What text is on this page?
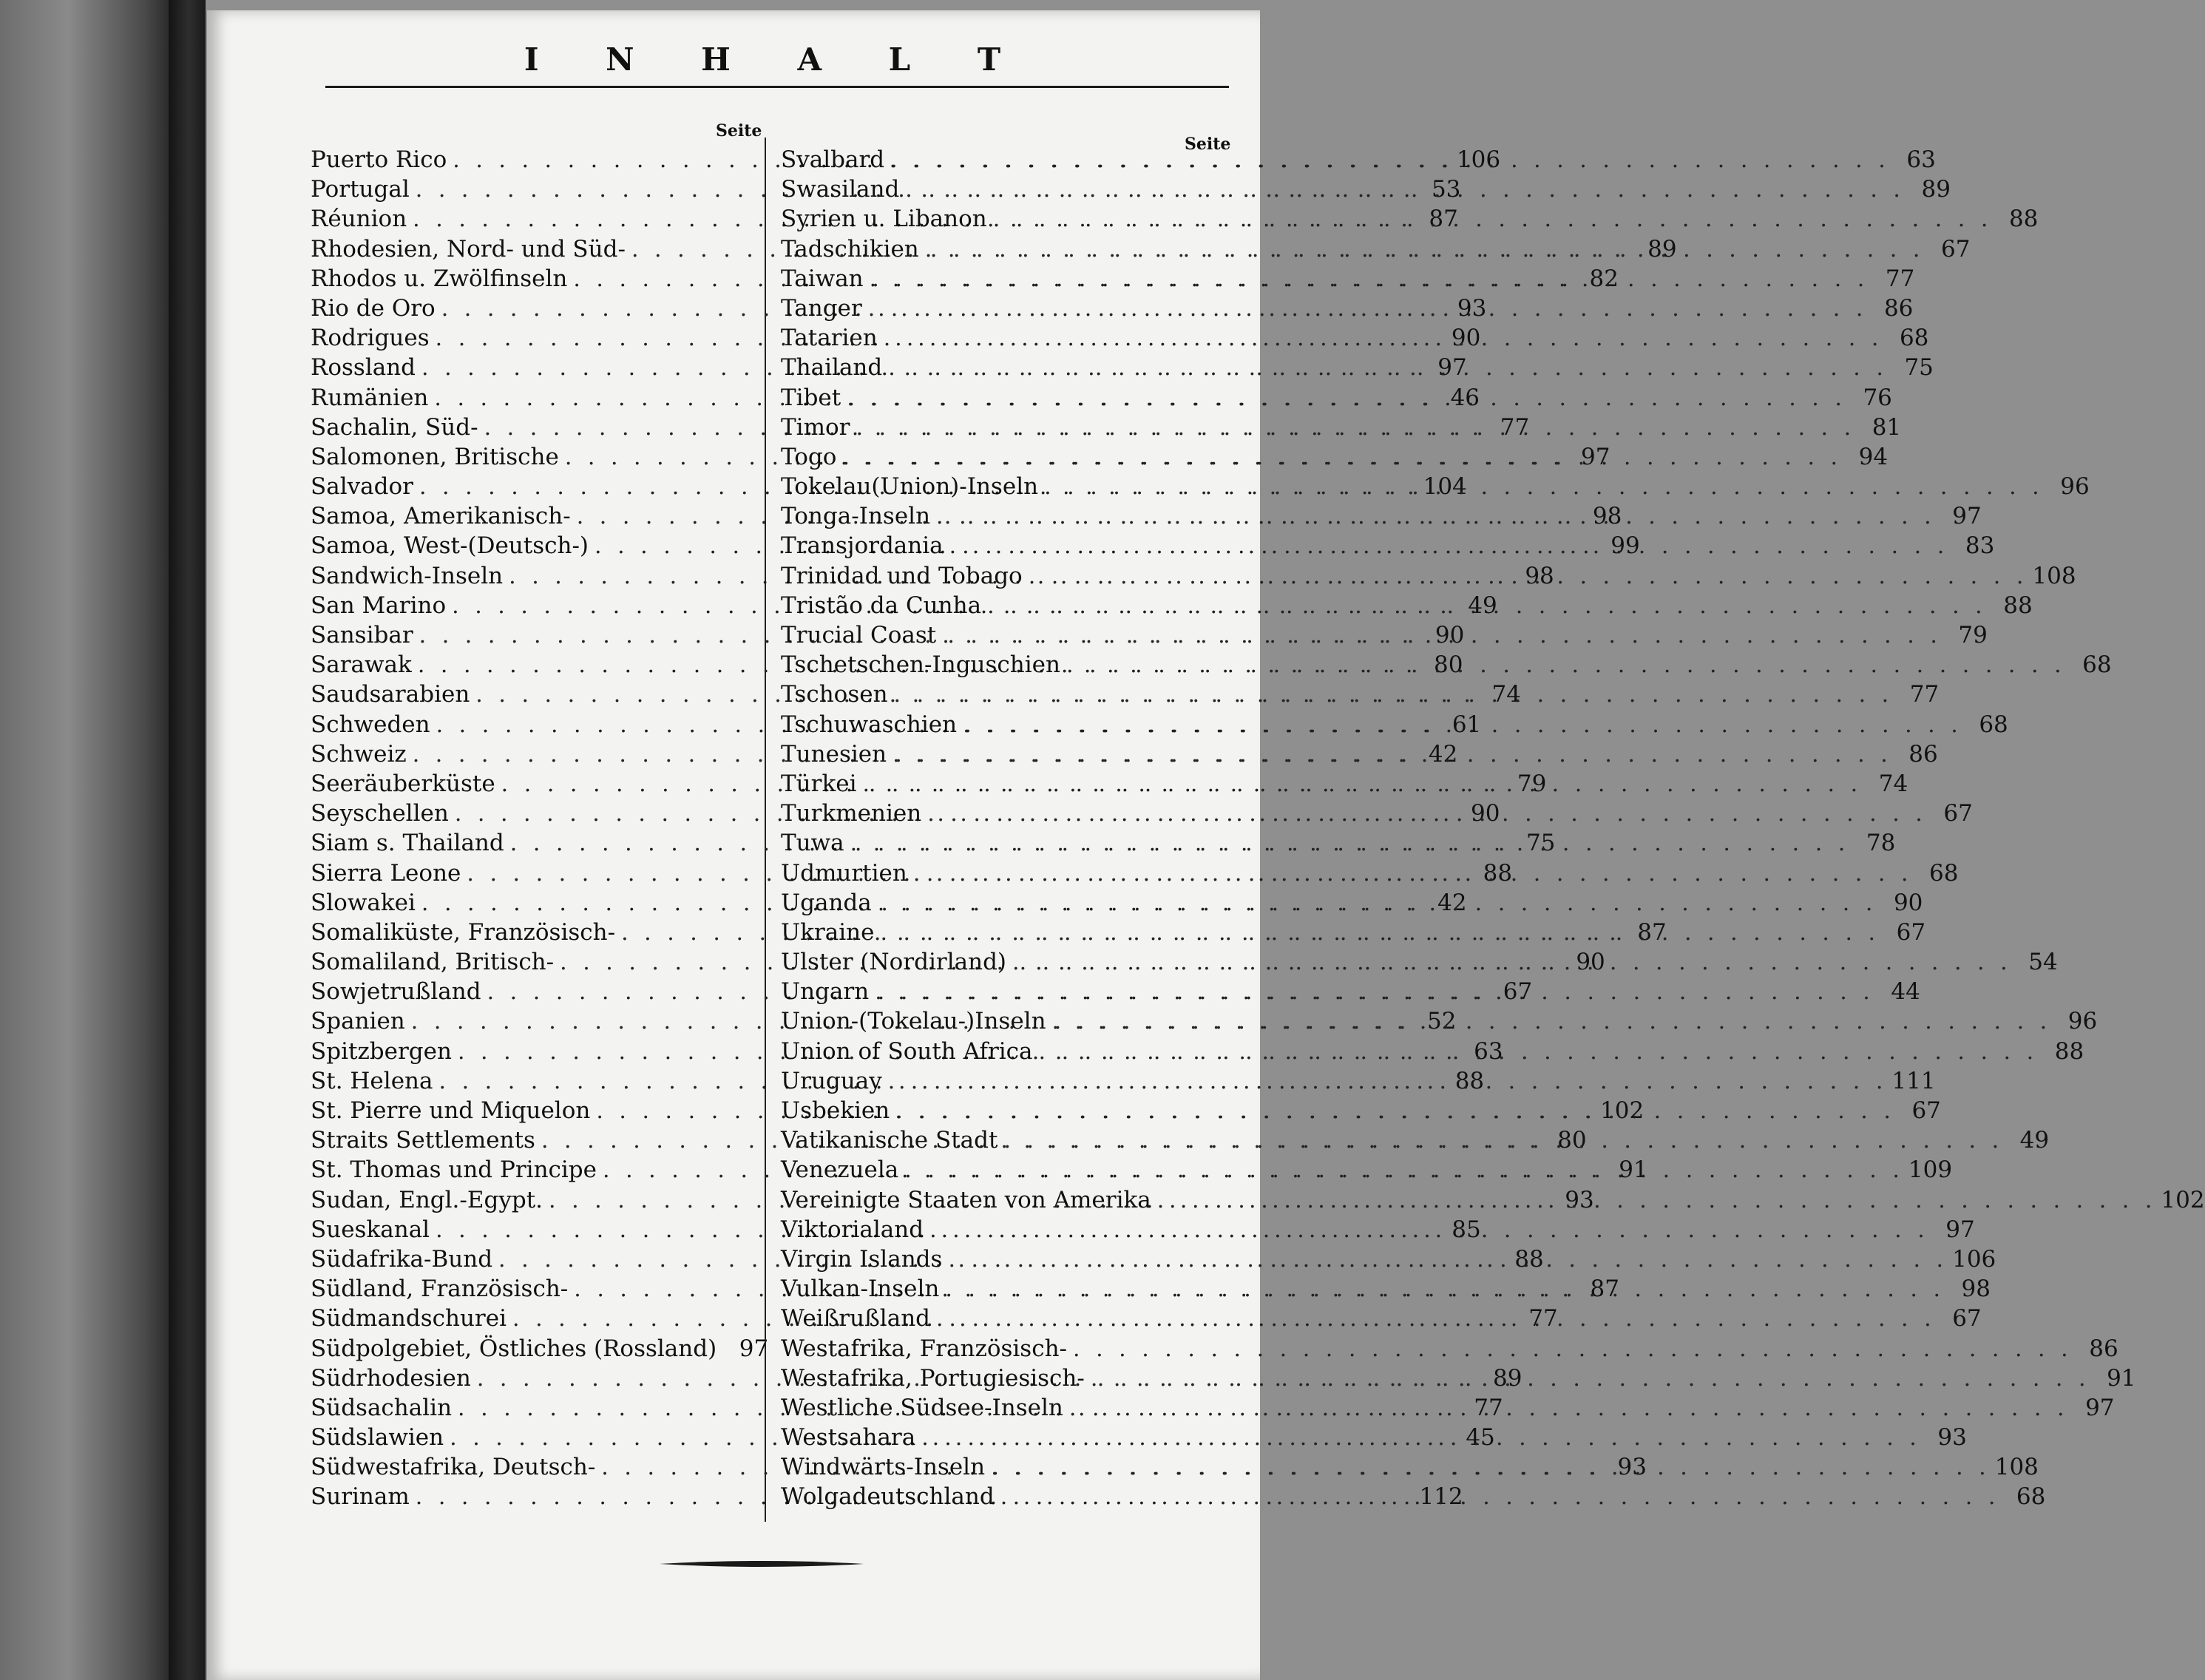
I N H A L T
Seite
Seite
Puerto Rico . . .	106
Portugal . . .	53
Réunion . . .	87
Rhodesien, Nord- und Süd- . . .	89
Rhodos u. Zwölfinseln . . .	82
Rio de Oro . . .	93
Rodrigues . . .	90
Rossland . . .	97
Rumänien . . .	46
Sachalin, Süd- . . .	77
Salomonen, Britische . . .	97
Salvador . . .	104
Samoa, Amerikanisch- . . .	98
Samoa, West-(Deutsch-) . . .	99
Sandwich-Inseln . . .	98
San Marino . . .	49
Sansibar . . .	90
Sarawak . . .	80
Saudsarabien . . .	74
Schweden . . .	61
Schweiz . . .	42
Seeräuberküste . . .	79
Seyschellen . . .	90
Siam s. Thailand . . .	75
Sierra Leone . . .	88
Slowakei . . .	42
Somaliküste, Französisch- . . .	87
Somaliland, Britisch- . . .	90
Sowjetrußland . . .	67
Spanien . . .	52
Spitzbergen . . .	63
St. Helena . . .	88
St. Pierre und Miquelon . . .	102
Straits Settlements . . .	80
St. Thomas und Principe . . .	91
Sudan, Engl.-Egypt. . . .	93
Sueskanal . . .	85
Südafrika-Bund . . .	88
Südland, Französisch- . . .	87
Südmandschurei . . .	77
Südpolgebiet, Östliches (Rossland) 97
Südrhodesien . . .	89
Südsachalin . . .	77
Südslawien . . .	45
Südwestafrika, Deutsch- . . .	93
Surinam . . .	112
Svalbard . . .	63
Swasiland . . .	89
Syrien u. Libanon . . .	88
Tadschikien . . .	67
Taiwan . . .	77
Tanger . . .	86
Tatarien . . .	68
Thailand . . .	75
Tibet . . .	76
Timor . . .	81
Togo . . .	94
Tokelau(Union)-Inseln . . .	96
Tonga-Inseln . . .	97
Transjordania . . .	83
Trinidad und Tobago . . .	108
Tristão da Cunha . . .	88
Trucial Coast . . .	79
Tschetschen-Inguschien . . .	68
Tschosen . . .	77
Tschuwaschien . . .	68
Tunesien . . .	86
Türkei . . .	74
Turkmenien . . .	67
Tuwa . . .	78
Udmurtien . . .	68
Uganda . . .	90
Ukraine . . .	67
Ulster (Nordirland) . . .	54
Ungarn . . .	44
Union-(Tokelau-)Inseln . . .	96
Union of South Africa . . .	88
Uruguay . . .	111
Usbekien . . .	67
Vatikanische Stadt . . .	49
Venezuela . . .	109
Vereinigte Staaten von Amerika . . .	102
Viktorialand . . .	97
Virgin Islands . . .	106
Vulkan-Inseln . . .	98
Weißrußland . . .	67
Westafrika, Französisch- . . .	86
Westafrika, Portugiesisch- . . .	91
Westliche Südsee-Inseln . . .	97
Westsahara . . .	93
Windwärts-Inseln . . .	108
Wolgadeutschland . . .	68
